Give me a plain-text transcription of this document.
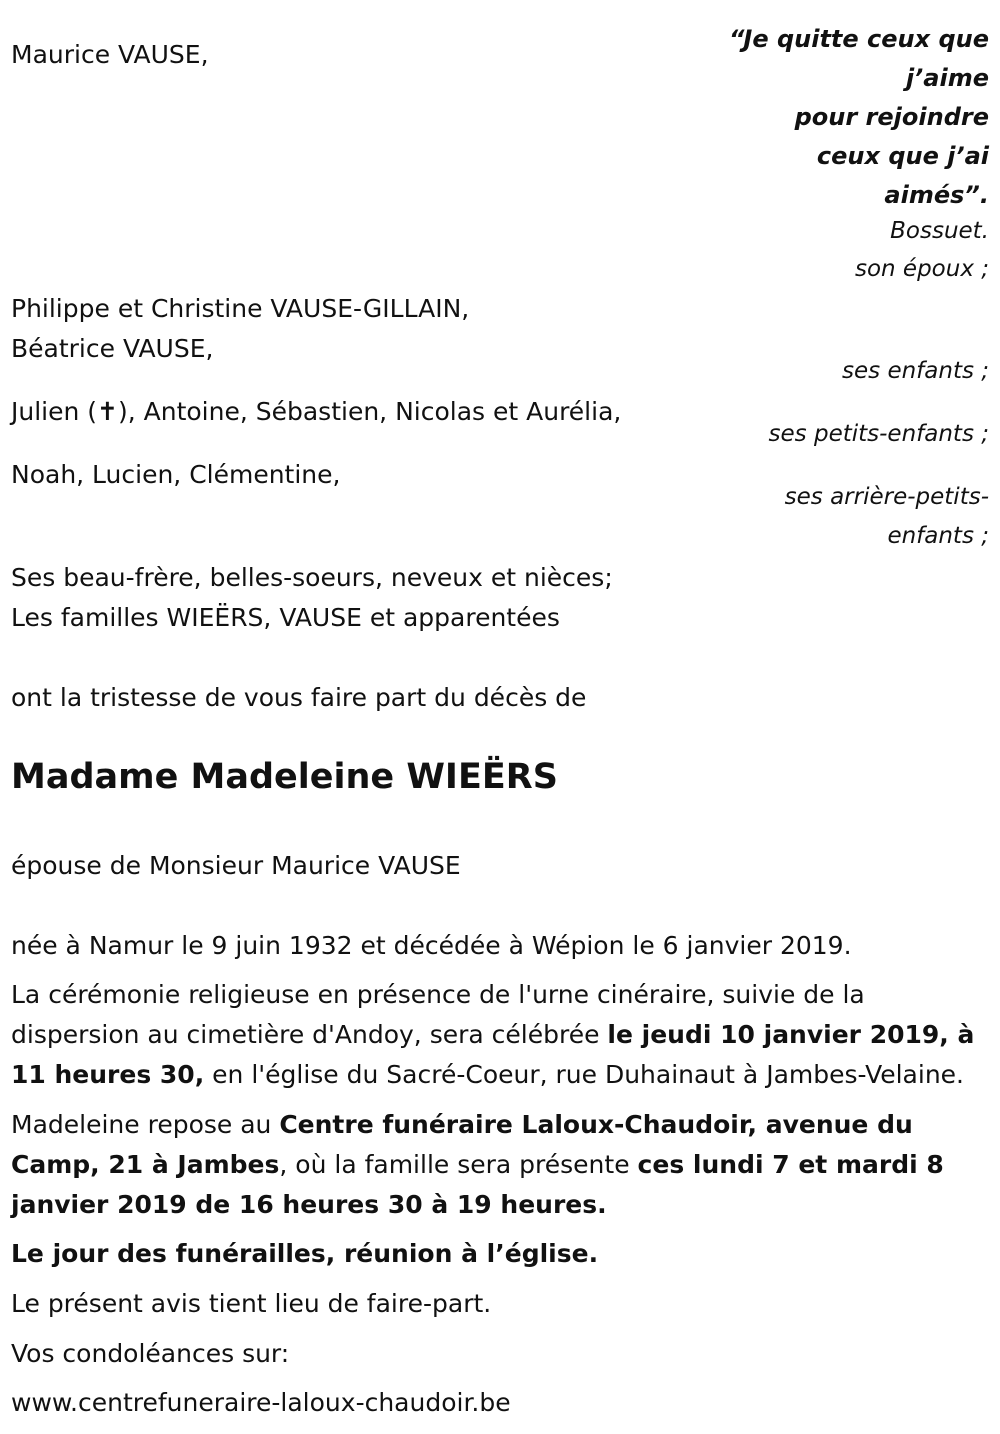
Maurice VAUSE,
“Je quitte ceux que
j’aime
pour rejoindre
ceux que j’ai
aimés”.
Bossuet.
son époux ;
Philippe et Christine VAUSE-GILLAIN,
Béatrice VAUSE,
ses enfants ;
Julien (✝), Antoine, Sébastien, Nicolas et Aurélia,
ses petits-enfants ;
Noah, Lucien, Clémentine,
ses arrière-petits-
enfants ;
Ses beau-frère, belles-soeurs, neveux et nièces;
Les familles WIEËRS, VAUSE et apparentées
ont la tristesse de vous faire part du décès de
Madame Madeleine WIEËRS
épouse de Monsieur Maurice VAUSE
née à Namur le 9 juin 1932 et décédée à Wépion le 6 janvier 2019.
La cérémonie religieuse en présence de l'urne cinéraire, suivie de la dispersion au cimetière d'Andoy, sera célébrée le jeudi 10 janvier 2019, à 11 heures 30, en l'église du Sacré-Coeur, rue Duhainaut à Jambes-Velaine.
Madeleine repose au Centre funéraire Laloux-Chaudoir, avenue du Camp, 21 à Jambes, où la famille sera présente ces lundi 7 et mardi 8 janvier 2019 de 16 heures 30 à 19 heures.
Le jour des funérailles, réunion à l’église.
Le présent avis tient lieu de faire-part.
Vos condoléances sur:
www.centrefuneraire-laloux-chaudoir.be
